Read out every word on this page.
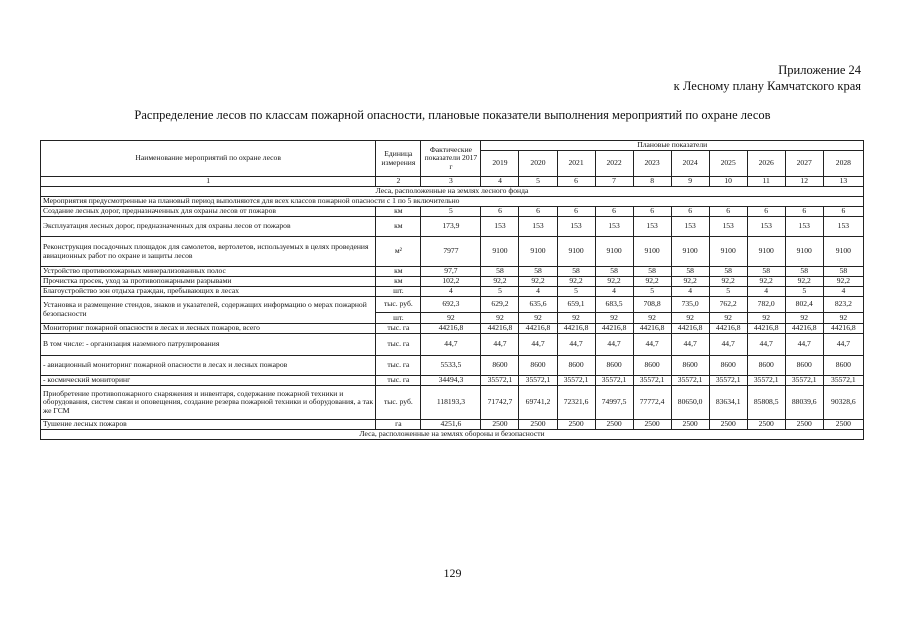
Приложение 24
к Лесному плану Камчатского края
Распределение лесов по классам пожарной опасности, плановые показатели выполнения мероприятий по охране лесов
Наименование мероприятий по охране лесов	Единица измерения	Фактические показатели 2017 г	Плановые показатели									
			2019	2020	2021	2022	2023	2024	2025	2026	2027	2028
1	2	3	4	5	6	7	8	9	10	11	12	13
Леса, расположенные на землях лесного фонда												
Мероприятия предусмотренные на плановый период выполняются для всех классов пожарной опасности с 1 по 5 включительно												
Создание лесных дорог, предназначенных для охраны лесов от пожаров	км	5	6	6	6	6	6	6	6	6	6	6
Эксплуатация лесных дорог, предназначенных для охраны лесов от пожаров	км	173,9	153	153	153	153	153	153	153	153	153	153
Реконструкция посадочных площадок для самолетов, вертолетов, используемых в целях проведения авиационных работ по охране и защиты лесов	м²	7977	9100	9100	9100	9100	9100	9100	9100	9100	9100	9100
Устройство противопожарных минерализованных полос	км	97,7	58	58	58	58	58	58	58	58	58	58
Прочистка просек, уход за противопожарными разрывами	км	102,2	92,2	92,2	92,2	92,2	92,2	92,2	92,2	92,2	92,2	92,2
Благоустройство зон отдыха граждан, пребывающих в лесах	шт.	4	5	4	5	4	5	4	5	4	5	4
Установка и размещение стендов, знаков и указателей, содержащих информацию о мерах пожарной безопасности	тыс. руб.	692,3	629,2	635,6	659,1	683,5	708,8	735,0	762,2	782,0	802,4	823,2
	шт.	92	92	92	92	92	92	92	92	92	92	92
Мониторинг пожарной опасности в лесах и лесных пожаров, всего	тыс. га	44216,8	44216,8	44216,8	44216,8	44216,8	44216,8	44216,8	44216,8	44216,8	44216,8	44216,8
В том числе: - организация наземного патрулирования	тыс. га	44,7	44,7	44,7	44,7	44,7	44,7	44,7	44,7	44,7	44,7	44,7
- авиационный мониторинг пожарной опасности в лесах и лесных пожаров	тыс. га	5533,5	8600	8600	8600	8600	8600	8600	8600	8600	8600	8600
- космический мониторинг	тыс. га	34494,3	35572,1	35572,1	35572,1	35572,1	35572,1	35572,1	35572,1	35572,1	35572,1	35572,1
Приобретение противопожарного снаряжения и инвентаря, содержание пожарной техники и оборудования, систем связи и оповещения, создание резерва пожарной техники и оборудования, а так же ГСМ	тыс. руб.	118193,3	71742,7	69741,2	72321,6	74997,5	77772,4	80650,0	83634,1	85808,5	88039,6	90328,6
Тушение лесных пожаров	га	4251,6	2500	2500	2500	2500	2500	2500	2500	2500	2500	2500
Леса, расположенные на землях обороны и безопасности												
129
